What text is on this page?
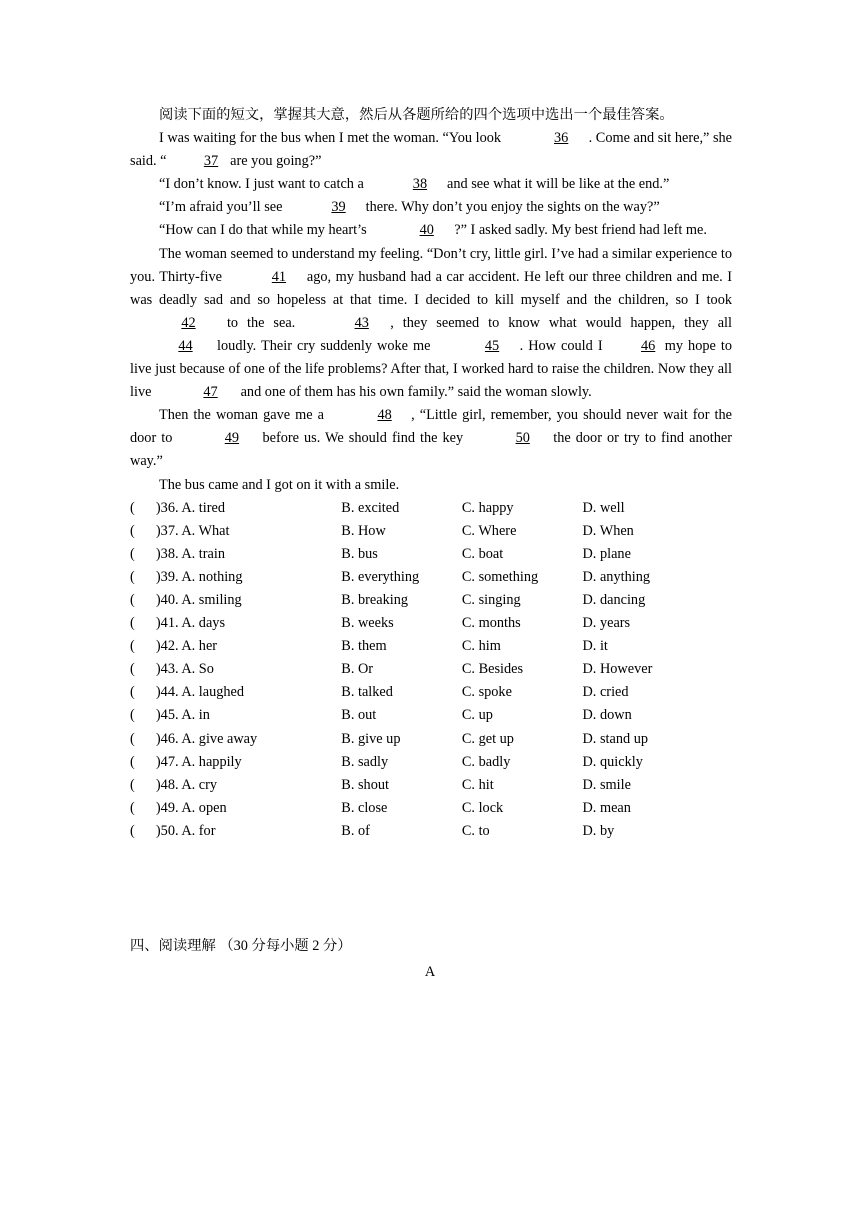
阅读下面的短文，掌握其大意，然后从各题所给的四个选项中选出一个最佳答案。

I was waiting for the bus when I met the woman. “You look	36 . Come and sit here,” she said. “	37 are you going?”

“I don’t know. I just want to catch a	38 and see what it will be like at the end.”

“I’m afraid you’ll see	39 there. Why don’t you enjoy the sights on the way?”

“How can I do that while my heart’s	40 ?” I asked sadly. My best friend had left me.

The woman seemed to understand my feeling. “Don’t cry, little girl. I’ve had a similar experience to you. Thirty-five	41 ago, my husband had a car accident. He left our three children and me. I was deadly sad and so hopeless at that time. I decided to kill myself and the children, so I took 42 to the sea.	43 , they seemed to know what would happen, they all 44 loudly. Their cry suddenly woke me	45 . How could I 46 my hope to live just because of one of the life problems? After that, I worked hard to raise the children. Now they all live	47 and one of them has his own family.” said the woman slowly.

Then the woman gave me a	48 , “Little girl, remember, you should never wait for the door to	49 before us. We should find the key	50 the door or try to find another way.”

The bus came and I got on it with a smile.

(	)36. A. tired	B. excited	C. happy	D. well
(	)37. A. What	B. How	C. Where	D. When
(	)38. A. train	B. bus	C. boat	D. plane
(	)39. A. nothing	B. everything	C. something	D. anything
(	)40. A. smiling	B. breaking	C. singing	D. dancing
(	)41. A. days	B. weeks	C. months	D. years
(	)42. A. her	B. them	C. him	D. it
(	)43. A. So	B. Or	C. Besides	D. However
(	)44. A. laughed	B. talked	C. spoke	D. cried
(	)45. A. in	B. out	C. up	D. down
(	)46. A. give away	B. give up	C. get up	D. stand up
(	)47. A. happily	B. sadly	C. badly	D. quickly
(	)48. A. cry	B. shout	C. hit	D. smile
(	)49. A. open	B. close	C. lock	D. mean
(	)50. A. for	B. of	C. to	D. by
四、阅读理解 （30 分每小题 2 分）
A
